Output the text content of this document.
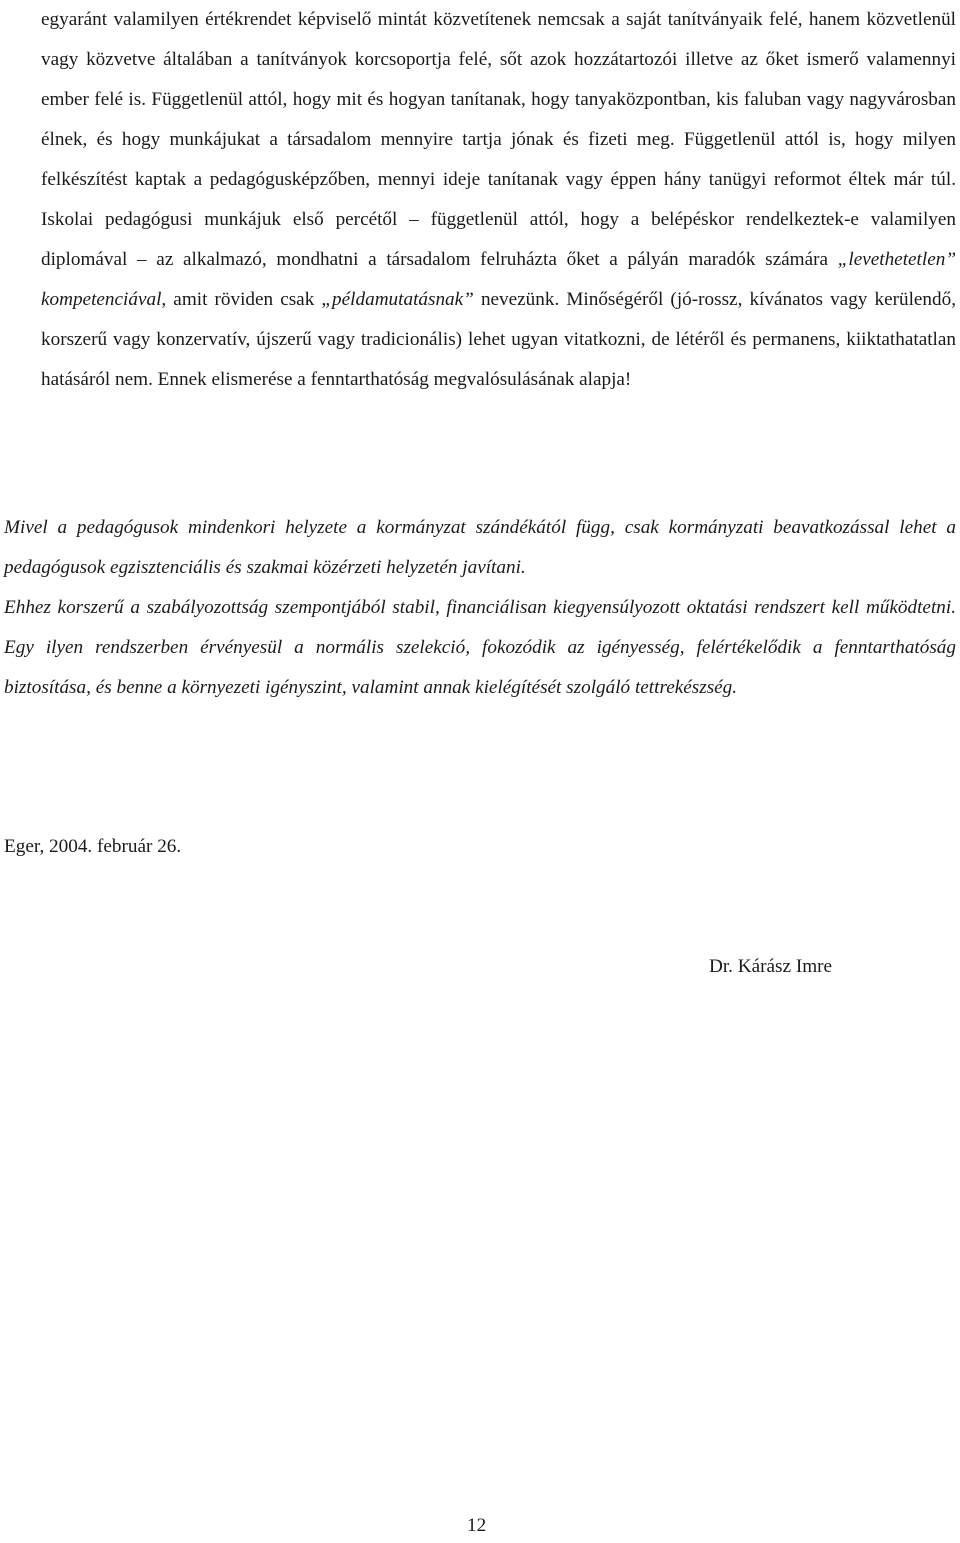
egyaránt valamilyen értékrendet képviselő mintát közvetítenek nemcsak a saját tanítványaik felé, hanem közvetlenül vagy közvetve általában a tanítványok korcsoportja felé, sőt azok hozzátartozói illetve az őket ismerő valamennyi ember felé is. Függetlenül attól, hogy mit és hogyan tanítanak, hogy tanyaközpontban, kis faluban vagy nagyvárosban élnek, és hogy munkájukat a társadalom mennyire tartja jónak és fizeti meg. Függetlenül attól is, hogy milyen felkészítést kaptak a pedagógusképzőben, mennyi ideje tanítanak vagy éppen hány tanügyi reformot éltek már túl. Iskolai pedagógusi munkájuk első percétől – függetlenül attól, hogy a belépéskor rendelkeztek-e valamilyen diplomával – az alkalmazó, mondhatni a társadalom felruházta őket a pályán maradók számára „levethetetlen” kompetenciával, amit röviden csak „példamutatásnak” nevezünk. Minőségéről (jó-rossz, kívánatos vagy kerülendő, korszerű vagy konzervatív, újszerű vagy tradicionális) lehet ugyan vitatkozni, de létéről és permanens, kiiktathatatlan hatásáról nem. Ennek elismerése a fenntarthatóság megvalósulásának alapja!

Mivel a pedagógusok mindenkori helyzete a kormányzat szándékától függ, csak kormányzati beavatkozással lehet a pedagógusok egzisztenciális és szakmai közérzeti helyzetén javítani.
Ehhez korszerű a szabályozottság szempontjából stabil, financiálisan kiegyensúlyozott oktatási rendszert kell működtetni. Egy ilyen rendszerben érvényesül a normális szelekció, fokozódik az igényesség, felértékelődik a fenntarthatóság biztosítása, és benne a környezeti igényszint, valamint annak kielégítését szolgáló tettrekészség.

Eger, 2004. február 26.

Dr. Kárász Imre

12
